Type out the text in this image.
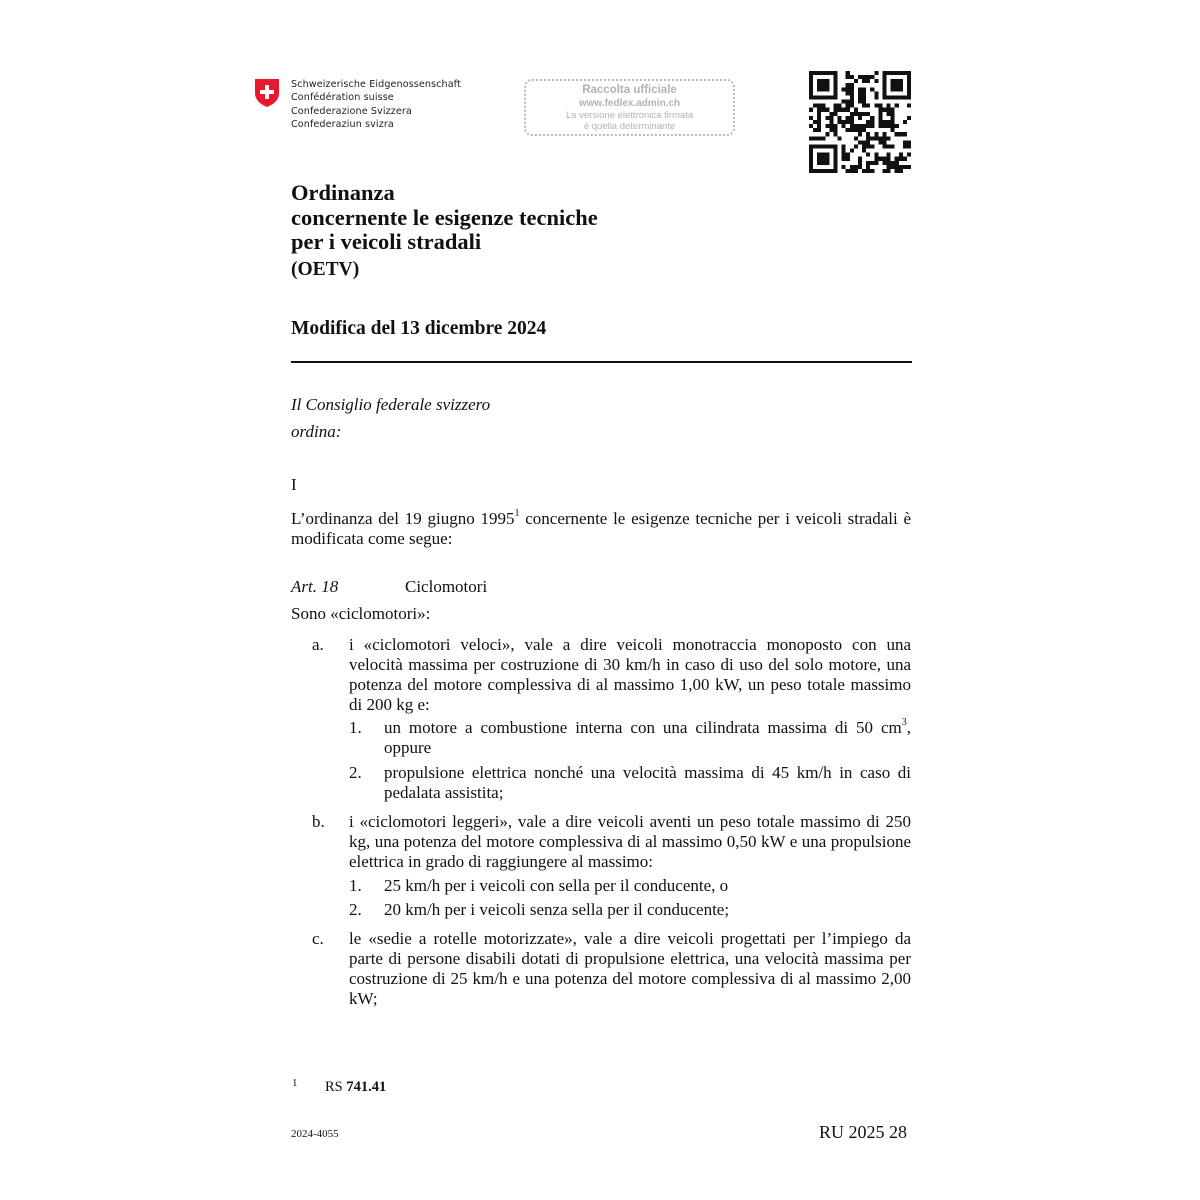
Schweizerische Eidgenossenschaft
Confédération suisse
Confederazione Svizzera
Confederaziun svizra
Raccolta ufficiale
www.fedlex.admin.ch
La versione elettronica firmata
è quella determinante
Ordinanza
concernente le esigenze tecniche
per i veicoli stradali
(OETV)
Modifica del 13 dicembre 2024
Il Consiglio federale svizzero
ordina:
I
L’ordinanza del 19 giugno 1995$^1$ concernente le esigenze tecniche per i veicoli stradali è modificata come segue:
Art. 18	Ciclomotori
Sono «ciclomotori»:
a. i «ciclomotori veloci», vale a dire veicoli monotraccia monoposto con una velocità massima per costruzione di 30 km/h in caso di uso del solo motore, una potenza del motore complessiva di al massimo 1,00 kW, un peso totale massimo di 200 kg e:
1. un motore a combustione interna con una cilindrata massima di 50 $cm^3$, oppure
2. propulsione elettrica nonché una velocità massima di 45 km/h in caso di pedalata assistita;
b. i «ciclomotori leggeri», vale a dire veicoli aventi un peso totale massimo di 250 kg, una potenza del motore complessiva di al massimo 0,50 kW e una propulsione elettrica in grado di raggiungere al massimo:
1. 25 km/h per i veicoli con sella per il conducente, o
2. 20 km/h per i veicoli senza sella per il conducente;
c. le «sedie a rotelle motorizzate», vale a dire veicoli progettati per l’impiego da parte di persone disabili dotati di propulsione elettrica, una velocità massima per costruzione di 25 km/h e una potenza del motore complessiva di al massimo 2,00 kW;
1 RS 741.41
2024-4055	RU 2025 28
